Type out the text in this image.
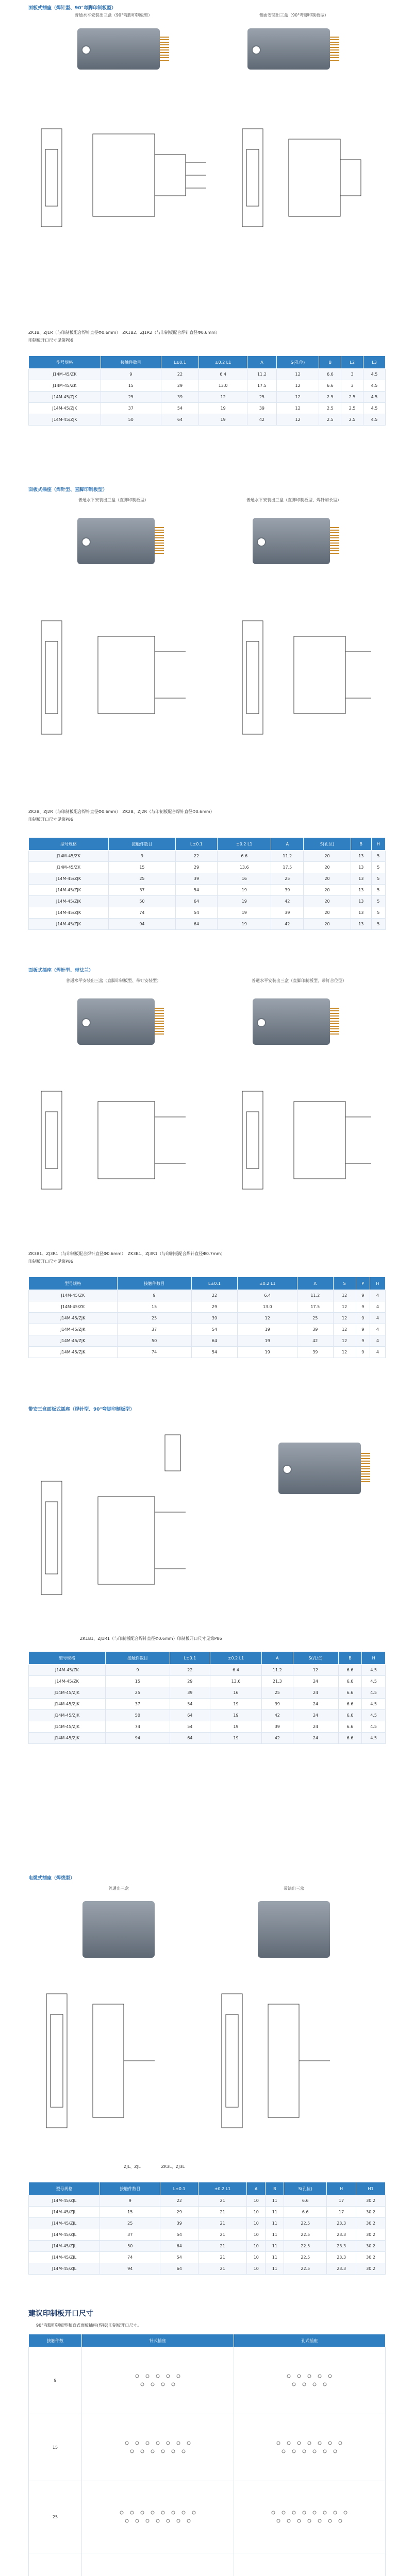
面板式插座（焊针型、90°弯脚印制板型）
普通水平安装出三盒（90°弯脚印制板型）	侧面安装出三盒（90°弯脚印制板型）
ZK1B、ZJ1R（与印制板配合焊针直径Φ0.6mm）　ZK1B2、ZJ1R2（与印制板配合焊针直径Φ0.6mm）
印制板开口尺寸见第P86
型号规格	接触件数目	L±0.1	±0.2 L1	A	S(孔位)	B	L2	L3
J14M-45/ZK	9	22	6.4	11.2	12	6.6	3	4.5
J14M-45/ZK	15	29	13.0	17.5	12	6.6	3	4.5
J14M-45/ZJK	25	39	12	25	12	2.5	2.5	4.5
J14M-45/ZJK	37	54	19	39	12	2.5	2.5	4.5
J14M-45/ZJK	50	64	19	42	12	2.5	2.5	4.5
面板式插座（焊针型、直脚印制板型）
普通水平安装出三盒（直脚印制板型）	普通水平安装出三盒（直脚印制板型、焊针加长型）
ZK2B、ZJ2R（与印制板配合焊针直径Φ0.6mm）　ZK2B、ZJ2R（与印制板配合焊针直径Φ0.6mm）
印制板开口尺寸见第P86
型号规格	接触件数目	L±0.1	±0.2 L1	A	S(孔位)	B	H
J14M-45/ZK	9	22	6.6	11.2	20	13	5
J14M-45/ZK	15	29	13.6	17.5	20	13	5
J14M-45/ZJK	25	39	16	25	20	13	5
J14M-45/ZJK	37	54	19	39	20	13	5
J14M-45/ZJK	50	64	19	42	20	13	5
J14M-45/ZJK	74	54	19	39	20	13	5
J14M-45/ZJK	94	64	19	42	20	13	5
面板式插座（焊针型、带法兰）
普通水平安装出三盒（直脚印制板型、带钉安装型）	普通水平安装出三盒（直脚印制板型、带钉合位型）
ZK3B1、ZJ3R1（与印制板配合焊针直径Φ0.6mm）　ZK3B1、ZJ3R1（与印制板配合焊针直径Φ0.7mm）
印制板开口尺寸见第P86
型号规格	接触件数目	L±0.1	±0.2 L1	A	S	P	H
J14M-45/ZK	9	22	6.4	11.2	12	9	4
J14M-45/ZK	15	29	13.0	17.5	12	9	4
J14M-45/ZJK	25	39	12	25	12	9	4
J14M-45/ZJK	37	54	19	39	12	9	4
J14M-45/ZJK	50	64	19	42	12	9	4
J14M-45/ZJK	74	54	19	39	12	9	4
带安三盒面板式插座（焊针型、90°弯脚印制板型）
ZK1B1、ZJ1R1（与印制板配合焊针直径Φ0.6mm）印制板开口尺寸见第P86
型号规格	接触件数目	L±0.1	±0.2 L1	A	S(孔位)	B	H
J14M-45/ZK	9	22	6.4	11.2	12	6.6	4.5
J14M-45/ZK	15	29	13.6	21.3	24	6.6	4.5
J14M-45/ZJK	25	39	16	25	24	6.6	4.5
J14M-45/ZJK	37	54	19	39	24	6.6	4.5
J14M-45/ZJK	50	64	19	42	24	6.6	4.5
J14M-45/ZJK	74	54	19	39	24	6.6	4.5
J14M-45/ZJK	94	64	19	42	24	6.6	4.5
电缆式插座（焊线型）
普通出三盒	带法出三盒
ZJL、ZJL　　　　　ZK3L、ZJ3L
型号规格	接触件数目	L±0.1	±0.2 L1	A	B	S(孔位)	H	H1
J14M-45/ZJL	9	22	21	10	11	6.6	17	30.2
J14M-45/ZJL	15	29	21	10	11	6.6	17	30.2
J14M-45/ZJL	25	39	21	10	11	22.5	23.3	30.2
J14M-45/ZJL	37	54	21	10	11	22.5	23.3	30.2
J14M-45/ZJL	50	64	21	10	11	22.5	23.3	30.2
J14M-45/ZJL	74	54	21	10	11	22.5	23.3	30.2
J14M-45/ZJL	94	64	21	10	11	22.5	23.3	30.2
建议印制板开口尺寸
90°弯脚印制板型和直式面板插座(焊接)印制板开口尺寸。
接触件数	针式插座	孔式插座
9		
15		
25		
